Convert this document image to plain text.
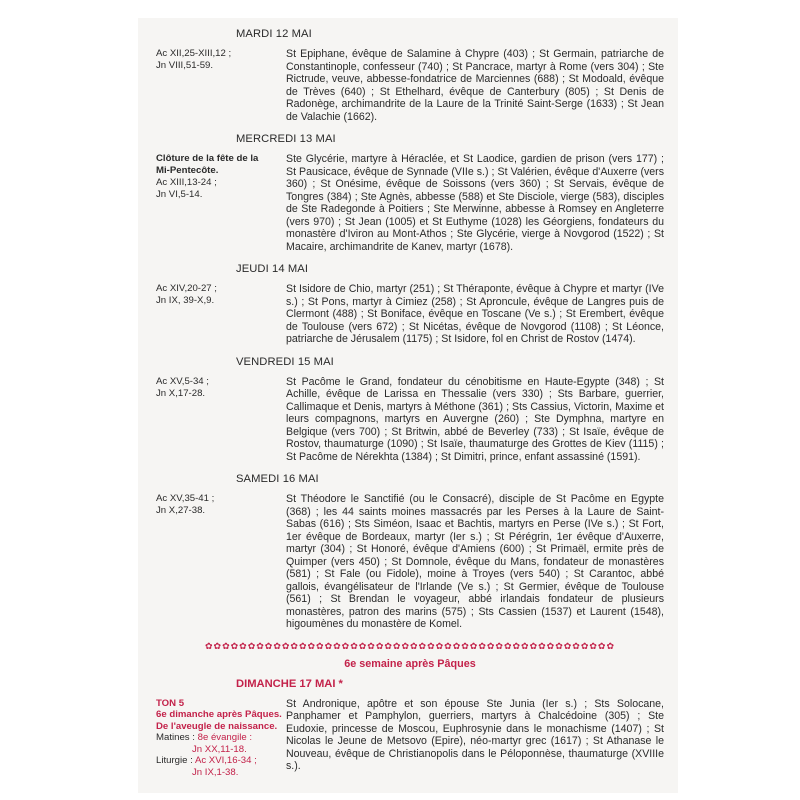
MARDI 12 MAI
Ac XII,25-XIII,12 ;
Jn VIII,51-59.
St Epiphane, évêque de Salamine à Chypre (403) ; St Germain, patriarche de Constantinople, confesseur (740) ; St Pancrace, martyr à Rome (vers 304) ; Ste Rictrude, veuve, abbesse-fondatrice de Marciennes (688) ; St Modoald, évêque de Trèves (640) ; St Ethelhard, évêque de Canterbury (805) ; St Denis de Radonège, archimandrite de la Laure de la Trinité Saint-Serge (1633) ; St Jean de Valachie (1662).
MERCREDI 13 MAI
Clôture de la fête de la
Mi-Pentecôte.
Ac XIII,13-24 ;
Jn VI,5-14.
Ste Glycérie, martyre à Héraclée, et St Laodice, gardien de prison (vers 177) ; St Pausicace, évêque de Synnade (VIIe s.) ; St Valérien, évêque d'Auxerre (vers 360) ; St Onésime, évêque de Soissons (vers 360) ; St Servais, évêque de Tongres (384) ; Ste Agnès, abbesse (588) et Ste Disciole, vierge (583), disciples de Ste Radegonde à Poitiers ; Ste Merwinne, abbesse à Romsey en Angleterre (vers 970) ; St Jean (1005) et St Euthyme (1028) les Géorgiens, fondateurs du monastère d'Iviron au Mont-Athos ; Ste Glycérie, vierge à Novgorod (1522) ; St Macaire, archimandrite de Kanev, martyr (1678).
JEUDI 14 MAI
Ac XIV,20-27 ;
Jn IX, 39-X,9.
St Isidore de Chio, martyr (251) ; St Théraponte, évêque à Chypre et martyr (IVe s.) ; St Pons, martyr à Cimiez (258) ; St Aproncule, évêque de Langres puis de Clermont (488) ; St Boniface, évêque en Toscane (Ve s.) ; St Erembert, évêque de Toulouse (vers 672) ; St Nicétas, évêque de Novgorod (1108) ; St Léonce, patriarche de Jérusalem (1175) ; St Isidore, fol en Christ de Rostov (1474).
VENDREDI 15 MAI
Ac XV,5-34 ;
Jn X,17-28.
St Pacôme le Grand, fondateur du cénobitisme en Haute-Egypte (348) ; St Achille, évêque de Larissa en Thessalie (vers 330) ; Sts Barbare, guerrier, Callimaque et Denis, martyrs à Méthone (361) ; Sts Cassius, Victorin, Maxime et leurs compagnons, martyrs en Auvergne (260) ; Ste Dymphna, martyre en Belgique (vers 700) ; St Britwin, abbé de Beverley (733) ; St Isaïe, évêque de Rostov, thaumaturge (1090) ; St Isaïe, thaumaturge des Grottes de Kiev (1115) ; St Pacôme de Nérekhta (1384) ; St Dimitri, prince, enfant assassiné (1591).
SAMEDI 16 MAI
Ac XV,35-41 ;
Jn X,27-38.
St Théodore le Sanctifié (ou le Consacré), disciple de St Pacôme en Egypte (368) ; les 44 saints moines massacrés par les Perses à la Laure de Saint-Sabas (616) ; Sts Siméon, Isaac et Bachtis, martyrs en Perse (IVe s.) ; St Fort, 1er évêque de Bordeaux, martyr (Ier s.) ; St Pérégrin, 1er évêque d'Auxerre, martyr (304) ; St Honoré, évêque d'Amiens (600) ; St Primaël, ermite près de Quimper (vers 450) ; St Domnole, évêque du Mans, fondateur de monastères (581) ; St Fale (ou Fidole), moine à Troyes (vers 540) ; St Carantoc, abbé gallois, évangélisateur de l'Irlande (Ve s.) ; St Germier, évêque de Toulouse (561) ; St Brendan le voyageur, abbé irlandais fondateur de plusieurs monastères, patron des marins (575) ; Sts Cassien (1537) et Laurent (1548), higoumènes du monastère de Komel.
✿✿✿✿✿✿✿✿✿✿✿✿✿✿✿✿✿✿✿✿✿✿✿✿✿✿✿✿✿✿✿✿✿✿✿✿✿✿✿✿✿✿✿✿✿✿✿✿
6e semaine après Pâques
DIMANCHE 17 MAI *
TON 5
6e dimanche après Pâques.
De l'aveugle de naissance.
Matines : 8e évangile :
Jn XX,11-18.
Liturgie : Ac XVI,16-34 ;
Jn IX,1-38.
St Andronique, apôtre et son épouse Ste Junia (Ier s.) ; Sts Solocane, Panphamer et Pamphylon, guerriers, martyrs à Chalcédoine (305) ; Ste Eudoxie, princesse de Moscou, Euphrosynie dans le monachisme (1407) ; St Nicolas le Jeune de Metsovo (Epire), néo-martyr grec (1617) ; St Athanase le Nouveau, évêque de Christianopolis dans le Péloponnèse, thaumaturge (XVIIIe s.).
